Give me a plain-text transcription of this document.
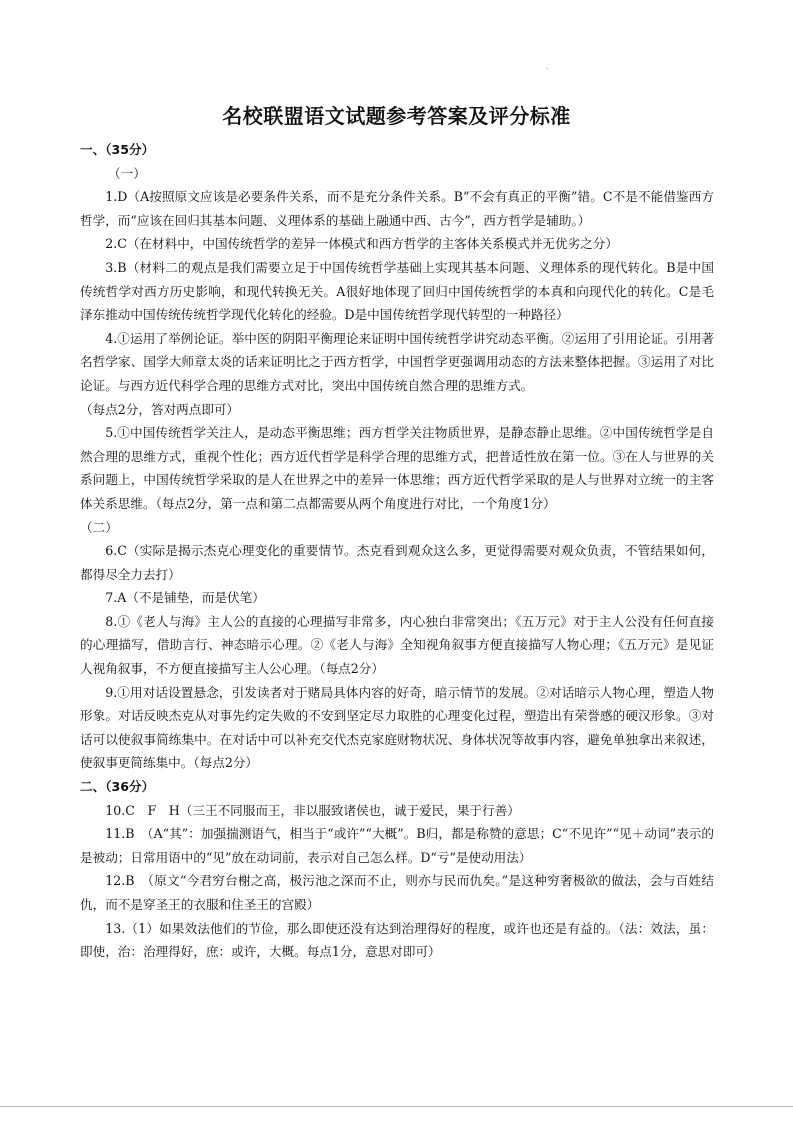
.
名校联盟语文试题参考答案及评分标准

一、（35分）

（一）

1.D（A按照原文应该是必要条件关系，而不是充分条件关系。B“不会有真正的平衡”错。C不是不能借鉴西方哲学，而“应该在回归其基本问题、义理体系的基础上融通中西、古今”，西方哲学是辅助。）

2.C（在材料中，中国传统哲学的差异一体模式和西方哲学的主客体关系模式并无优劣之分）

3.B（材料二的观点是我们需要立足于中国传统哲学基础上实现其基本问题、义理体系的现代转化。B是中国传统哲学对西方历史影响，和现代转换无关。A很好地体现了回归中国传统哲学的本真和向现代化的转化。C是毛泽东推动中国传统传统哲学现代化转化的经验。D是中国传统哲学现代转型的一种路径）

4.①运用了举例论证。举中医的阴阳平衡理论来证明中国传统哲学讲究动态平衡。②运用了引用论证。引用著名哲学家、国学大师章太炎的话来证明比之于西方哲学，中国哲学更强调用动态的方法来整体把握。③运用了对比论证。与西方近代科学合理的思维方式对比，突出中国传统自然合理的思维方式。

（每点2分，答对两点即可）

5.①中国传统哲学关注人，是动态平衡思维；西方哲学关注物质世界，是静态静止思维。②中国传统哲学是自然合理的思维方式，重视个性化；西方近代哲学是科学合理的思维方式，把普适性放在第一位。③在人与世界的关系问题上，中国传统哲学采取的是人在世界之中的差异一体思维；西方近代哲学采取的是人与世界对立统一的主客体关系思维。（每点2分，第一点和第二点都需要从两个角度进行对比，一个角度1分）

（二）

6.C（实际是揭示杰克心理变化的重要情节。杰克看到观众这么多，更觉得需要对观众负责，不管结果如何，都得尽全力去打）

7.A（不是铺垫，而是伏笔）

8.①《老人与海》主人公的直接的心理描写非常多，内心独白非常突出；《五万元》对于主人公没有任何直接的心理描写，借助言行、神态暗示心理。②《老人与海》全知视角叙事方便直接描写人物心理；《五万元》是见证人视角叙事，不方便直接描写主人公心理。（每点2分）

9.①用对话设置悬念，引发读者对于赌局具体内容的好奇，暗示情节的发展。②对话暗示人物心理，塑造人物形象。对话反映杰克从对事先约定失败的不安到坚定尽力取胜的心理变化过程，塑造出有荣誉感的硬汉形象。③对话可以使叙事简练集中。在对话中可以补充交代杰克家庭财物状况、身体状况等故事内容，避免单独拿出来叙述，使叙事更简练集中。（每点2分）

二、（36分）

10.C　F　H（三王不同服而王，非以服致诸侯也，诚于爱民，果于行善）

11.B　（A“其”：加强揣测语气，相当于“或许”“大概”。B归，都是称赞的意思；C“不见许”“见＋动词”表示的是被动；日常用语中的“见”放在动词前，表示对自己怎么样。D“亏”是使动用法）

12.B　（原文“今君穷台榭之高，极污池之深而不止，则亦与民而仇矣。”是这种穷奢极欲的做法，会与百姓结仇，而不是穿圣王的衣服和住圣王的宫殿）

13.（1）如果效法他们的节俭，那么即使还没有达到治理得好的程度，或许也还是有益的。（法：效法，虽：即使，治：治理得好，庶：或许，大概。每点1分，意思对即可）
